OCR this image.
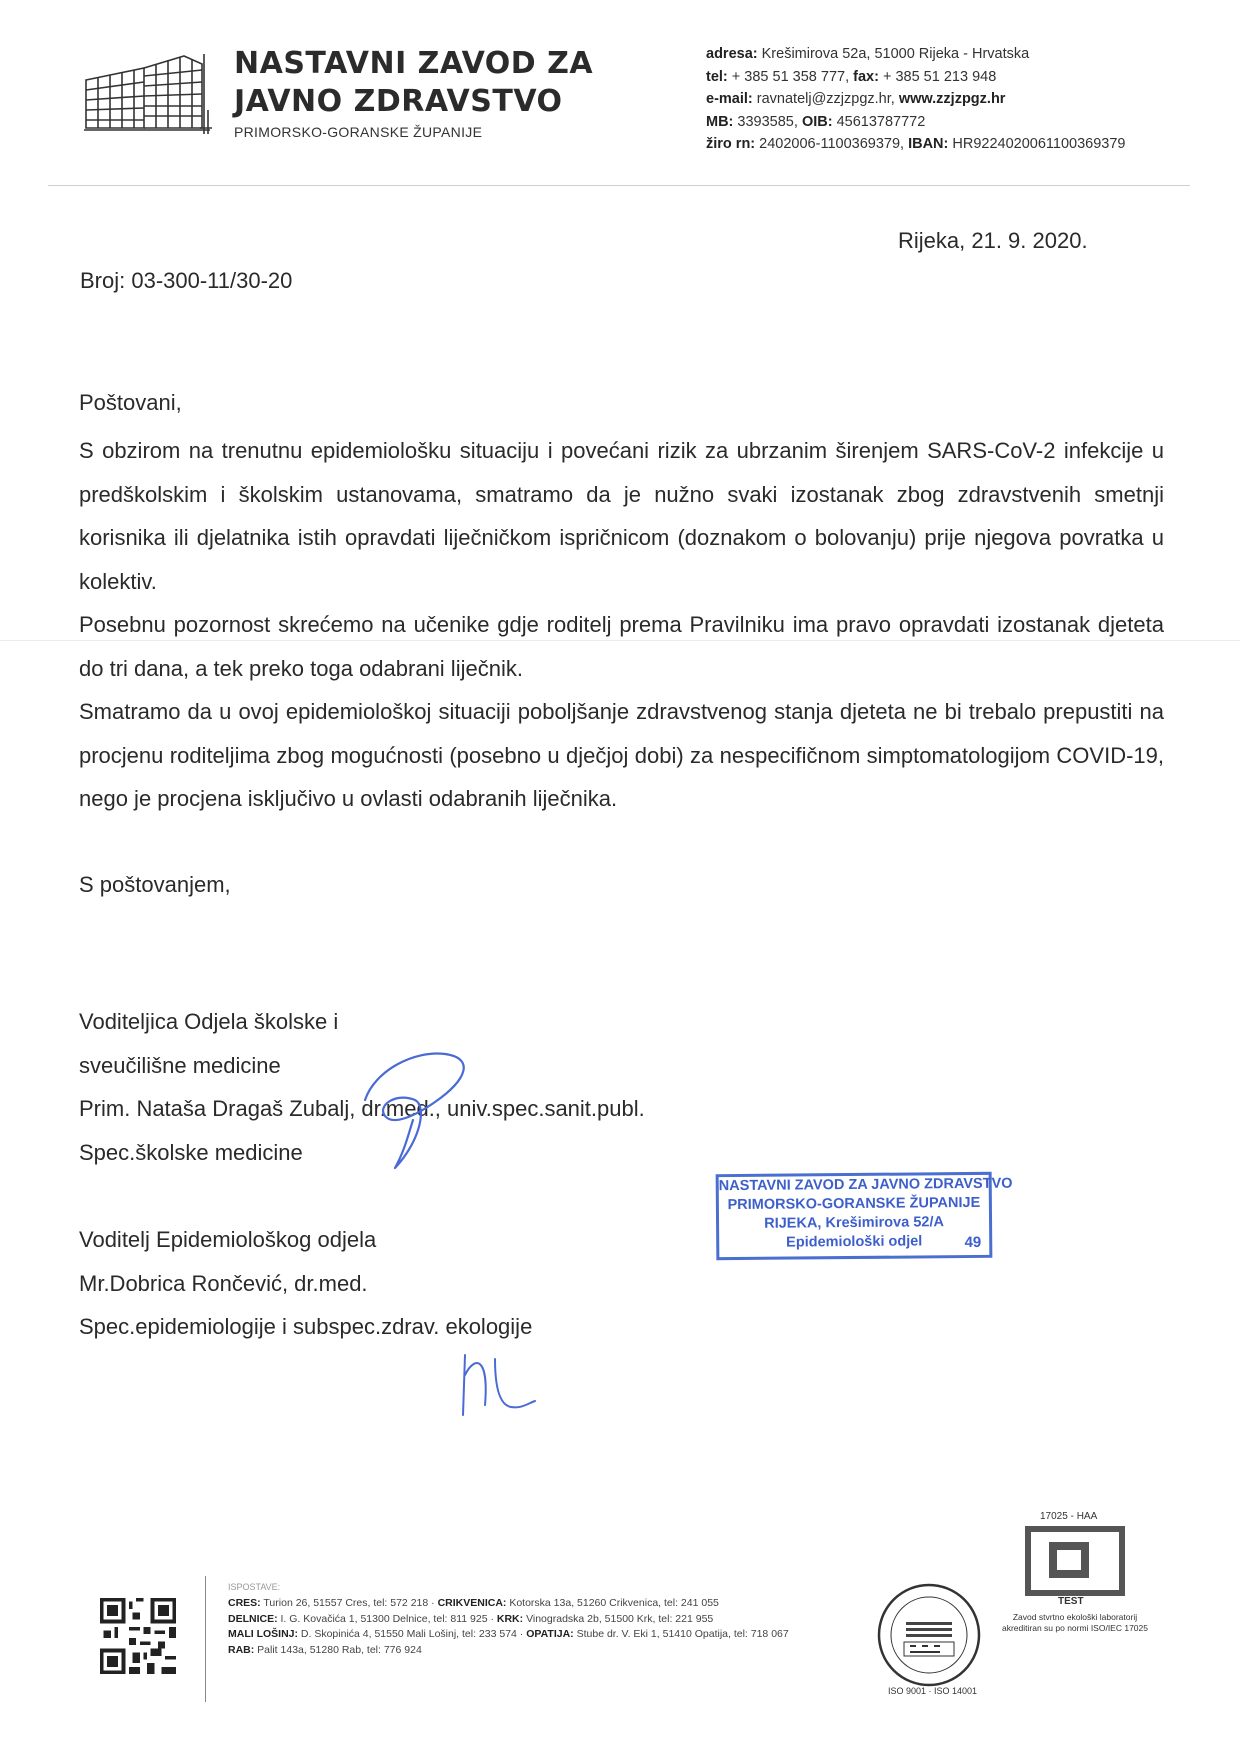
NASTAVNI ZAVOD ZA
JAVNO ZDRAVSTVO
PRIMORSKO-GORANSKE ŽUPANIJE
adresa: Krešimirova 52a, 51000 Rijeka - Hrvatska
tel: + 385 51 358 777, fax: + 385 51 213 948
e-mail: ravnatelj@zzjzpgz.hr, www.zzjzpgz.hr
MB: 3393585, OIB: 45613787772
žiro rn: 2402006-1100369379, IBAN: HR9224020061100369379
Rijeka, 21. 9. 2020.
Broj: 03-300-11/30-20
Poštovani,
S obzirom na trenutnu epidemiološku situaciju i povećani rizik za ubrzanim širenjem SARS-CoV-2 infekcije u predškolskim i školskim ustanovama, smatramo da je nužno svaki izostanak zbog zdravstvenih smetnji korisnika ili djelatnika istih opravdati liječničkom ispričnicom (doznakom o bolovanju) prije njegova povratka u kolektiv.
Posebnu pozornost skrećemo na učenike gdje roditelj prema Pravilniku ima pravo opravdati izostanak djeteta do tri dana, a tek preko toga odabrani liječnik.
Smatramo da u ovoj epidemiološkoj situaciji poboljšanje zdravstvenog stanja djeteta ne bi trebalo prepustiti na procjenu roditeljima zbog mogućnosti (posebno u dječjoj dobi) za nespecifičnom simptomatologijom COVID-19, nego je procjena isključivo u ovlasti odabranih liječnika.
S poštovanjem,
Voditeljica Odjela školske i
sveučilišne medicine
Prim. Nataša Dragaš Zubalj, dr.med., univ.spec.sanit.publ.
Spec.školske medicine
NASTAVNI ZAVOD ZA JAVNO ZDRAVSTVO
PRIMORSKO-GORANSKE ŽUPANIJE
RIJEKA, Krešimirova 52/A
Epidemiološki odjel	49
Voditelj Epidemiološkog odjela
Mr.Dobrica Rončević, dr.med.
Spec.epidemiologije i subspec.zdrav. ekologije
ISPOSTAVE:
CRES: Turion 26, 51557 Cres, tel: 572 218 · CRIKVENICA: Kotorska 13a, 51260 Crikvenica, tel: 241 055
DELNICE: I. G. Kovačića 1, 51300 Delnice, tel: 811 925 · KRK: Vinogradska 2b, 51500 Krk, tel: 221 955
MALI LOŠINJ: D. Skopinića 4, 51550 Mali Lošinj, tel: 233 574 · OPATIJA: Stube dr. V. Eki 1, 51410 Opatija, tel: 718 067
RAB: Palit 143a, 51280 Rab, tel: 776 924
ISO 9001 · ISO 14001
17025 - HAA
TEST
Zavod stvrtno ekološki laboratorij akreditiran su po normi ISO/IEC 17025
